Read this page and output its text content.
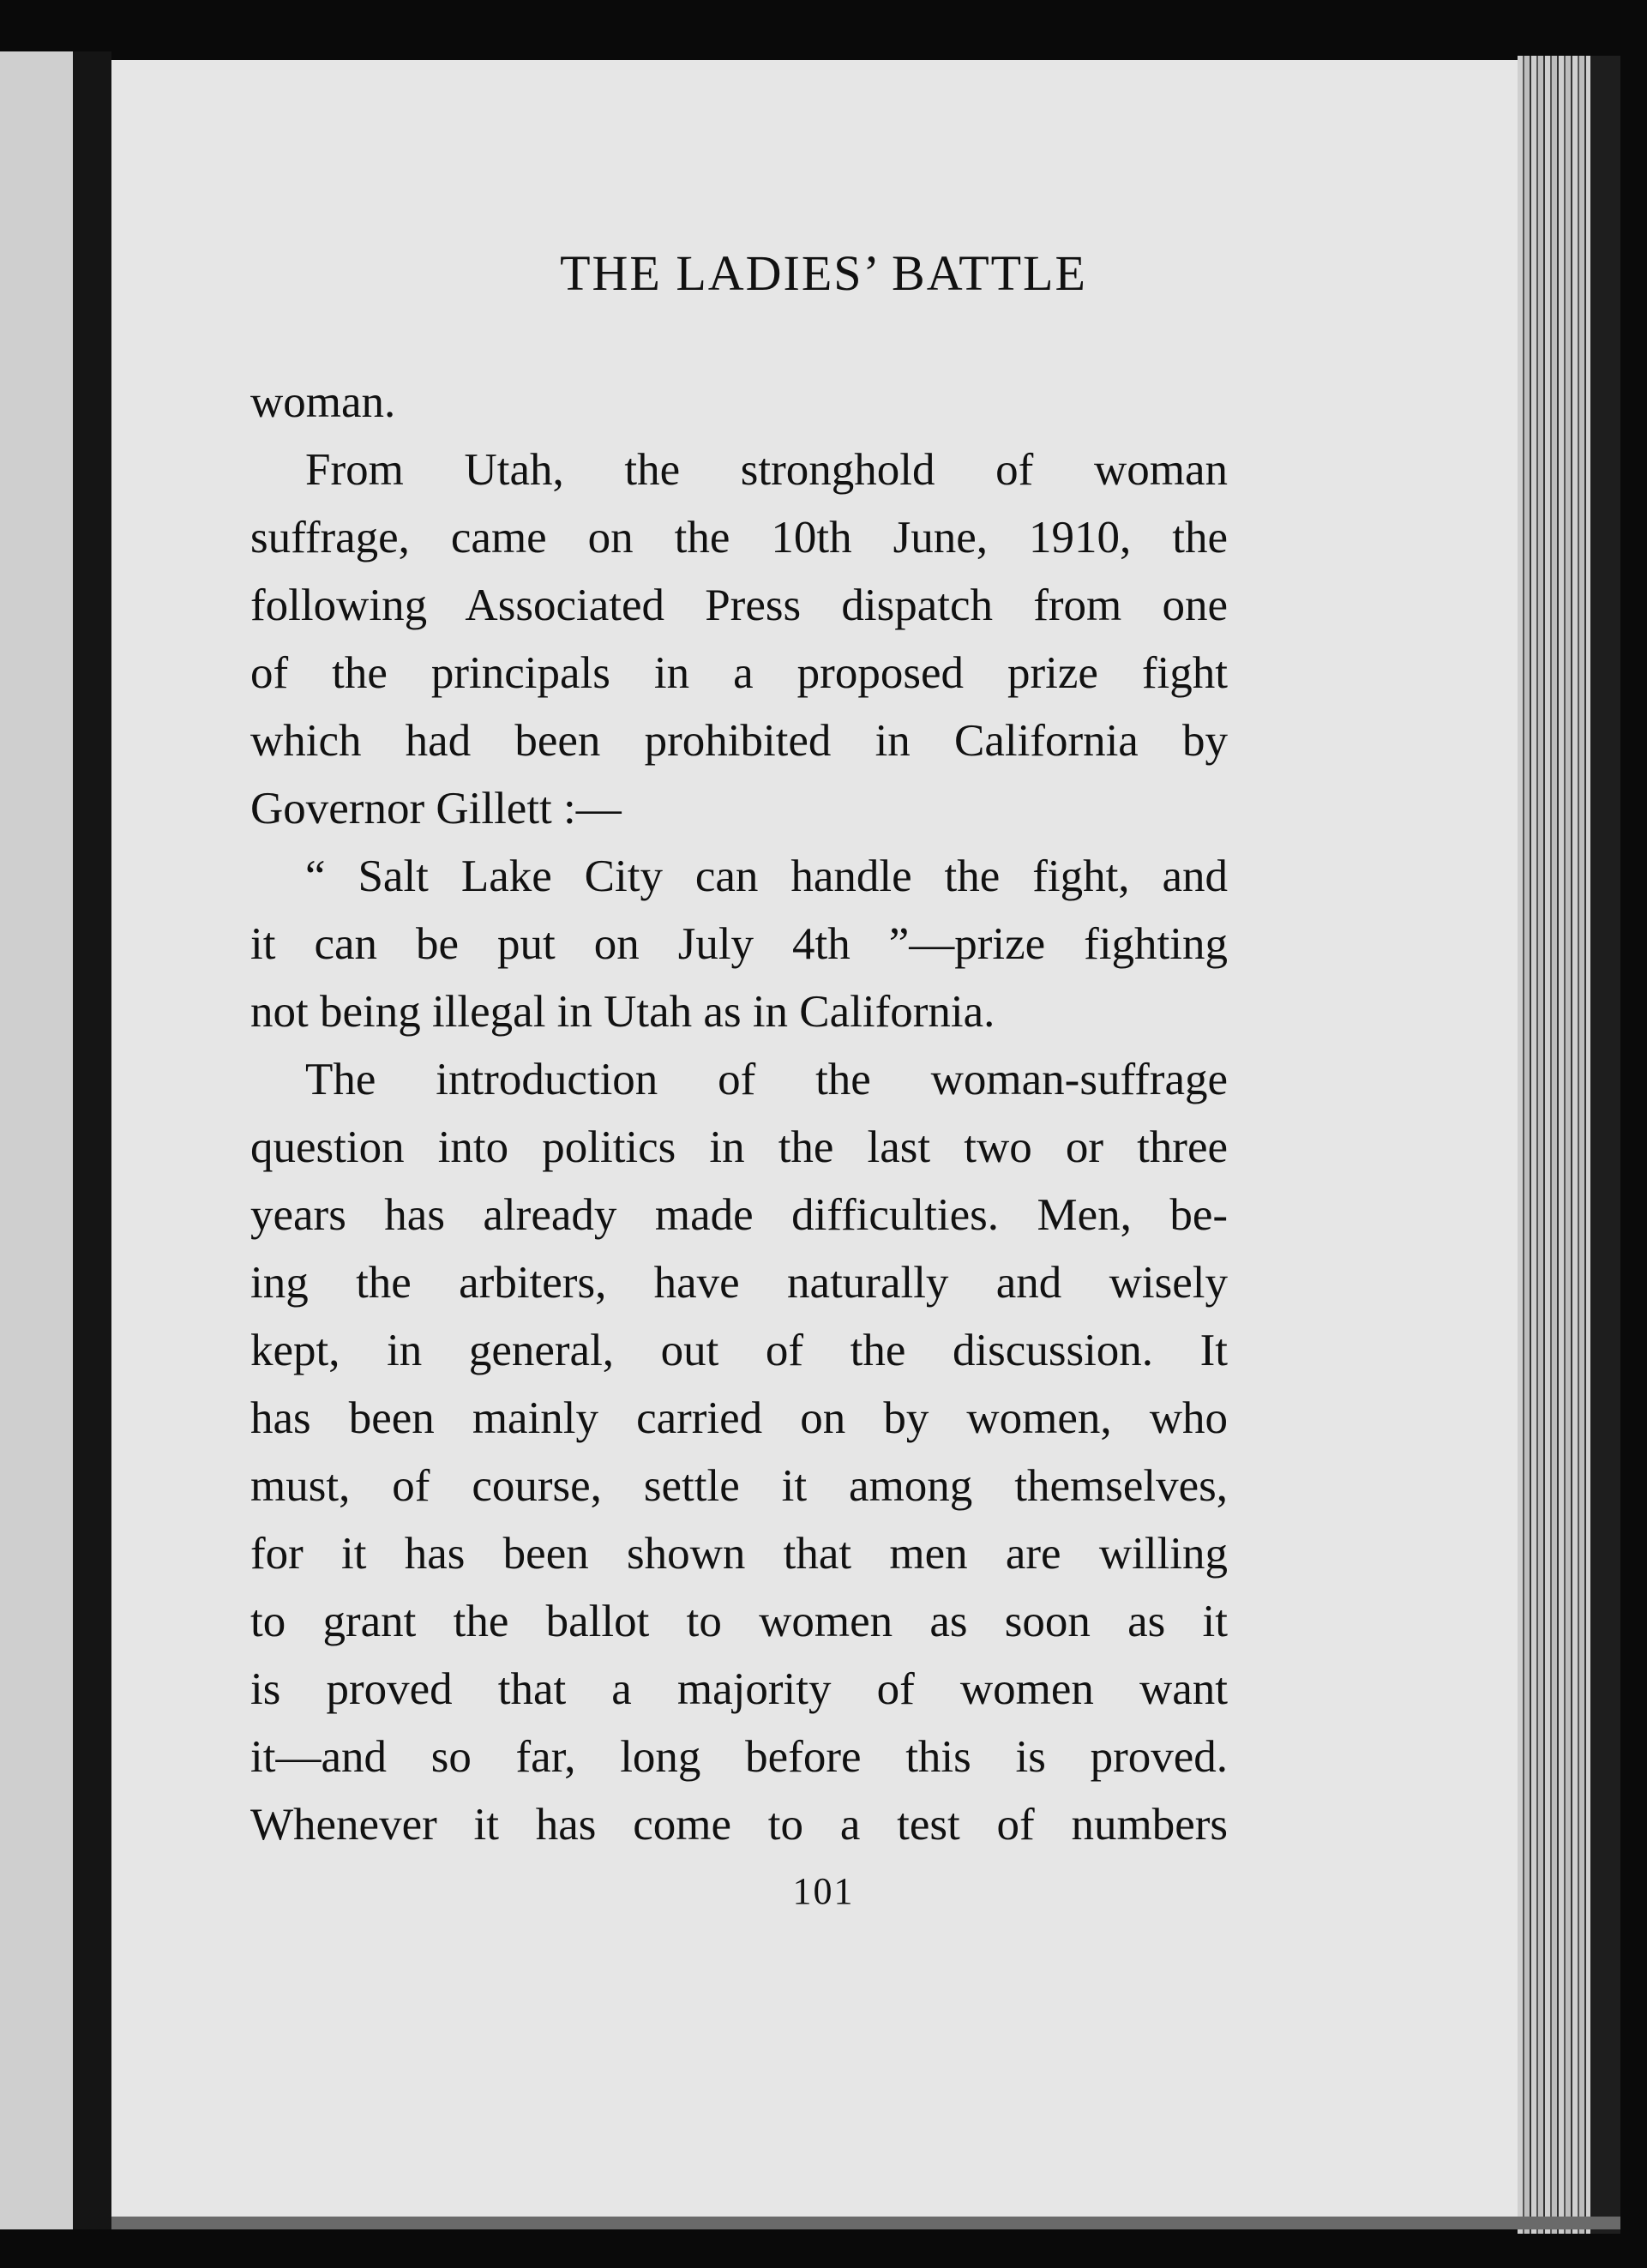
THE LADIES’ BATTLE
woman.
From Utah, the stronghold of woman
suffrage, came on the 10th June, 1910, the
following Associated Press dispatch from one
of the principals in a proposed prize fight
which had been prohibited in California by
Governor Gillett :—
“ Salt Lake City can handle the fight, and
it can be put on July 4th ”—prize fighting
not being illegal in Utah as in California.
The introduction of the woman-suffrage
question into politics in the last two or three
years has already made difficulties. Men, be-
ing the arbiters, have naturally and wisely
kept, in general, out of the discussion. It
has been mainly carried on by women, who
must, of course, settle it among themselves,
for it has been shown that men are willing
to grant the ballot to women as soon as it
is proved that a majority of women want
it—and so far, long before this is proved.
Whenever it has come to a test of numbers
101
